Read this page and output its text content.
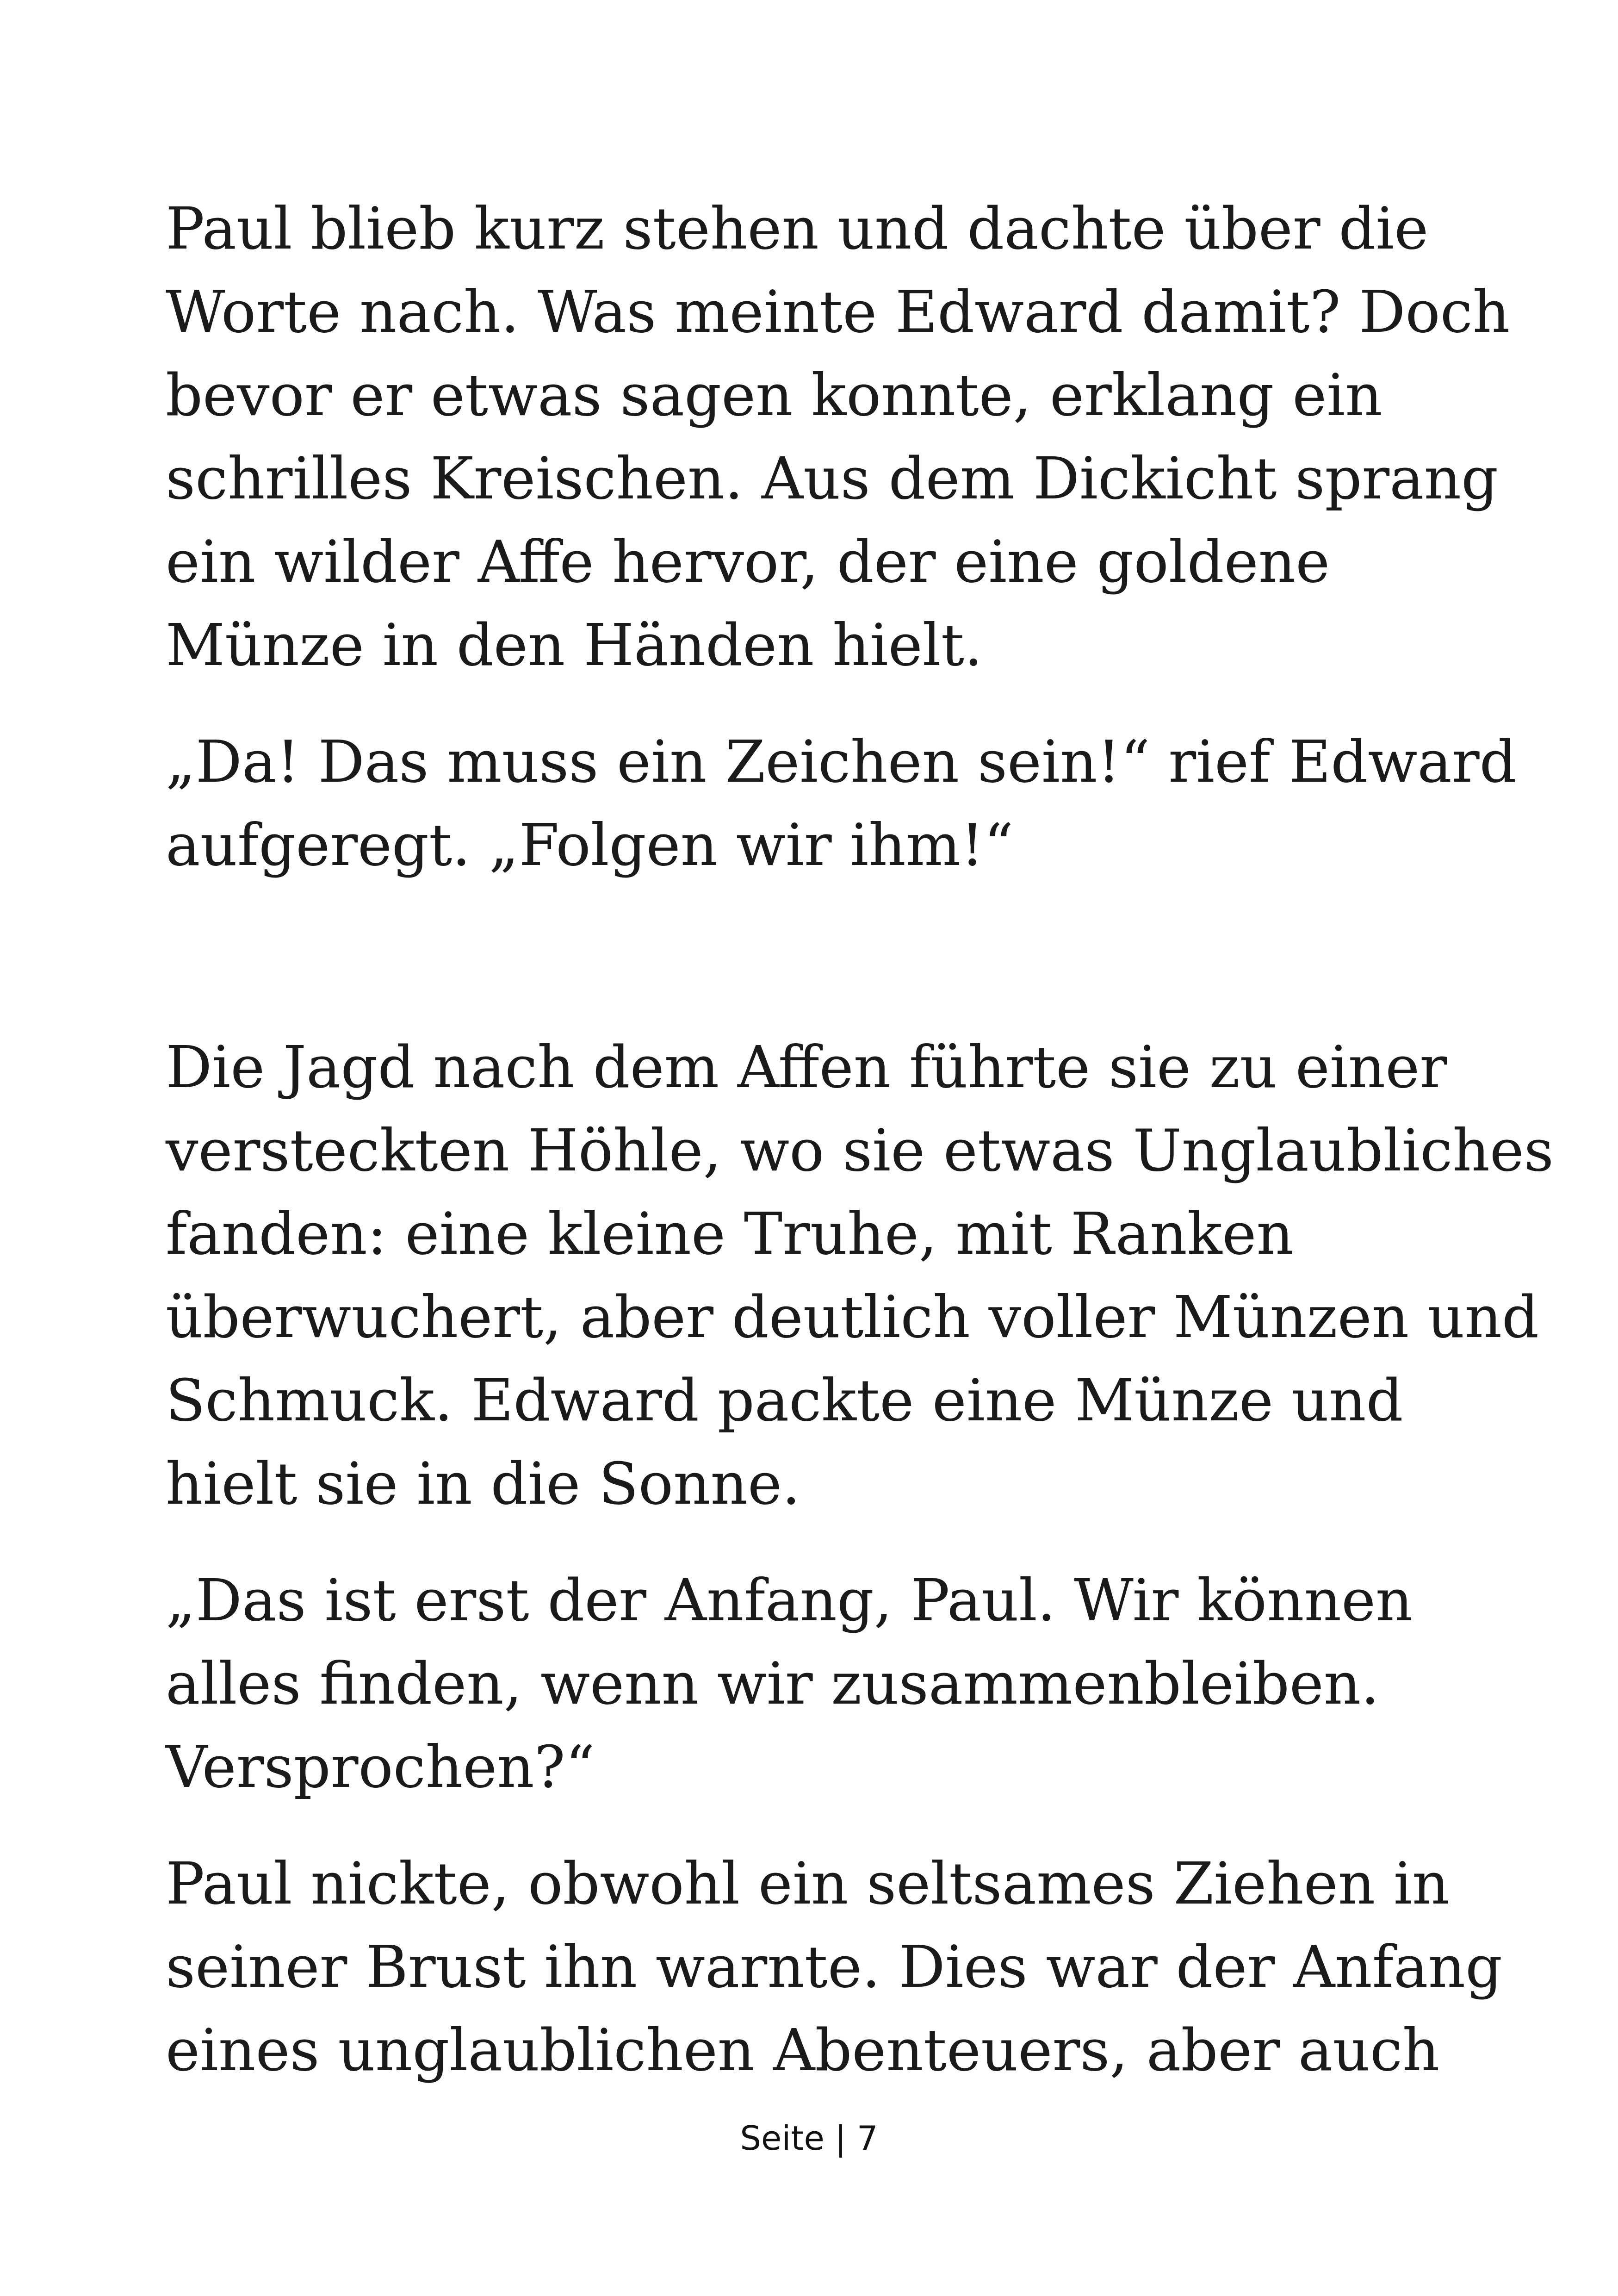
Paul blieb kurz stehen und dachte über die
Worte nach. Was meinte Edward damit? Doch
bevor er etwas sagen konnte, erklang ein
schrilles Kreischen. Aus dem Dickicht sprang
ein wilder Affe hervor, der eine goldene
Münze in den Händen hielt.

„Da! Das muss ein Zeichen sein!“ rief Edward
aufgeregt. „Folgen wir ihm!“

Die Jagd nach dem Affen führte sie zu einer
versteckten Höhle, wo sie etwas Unglaubliches
fanden: eine kleine Truhe, mit Ranken
überwuchert, aber deutlich voller Münzen und
Schmuck. Edward packte eine Münze und
hielt sie in die Sonne.

„Das ist erst der Anfang, Paul. Wir können
alles finden, wenn wir zusammenbleiben.
Versprochen?“

Paul nickte, obwohl ein seltsames Ziehen in
seiner Brust ihn warnte. Dies war der Anfang
eines unglaublichen Abenteuers, aber auch

Seite | 7
